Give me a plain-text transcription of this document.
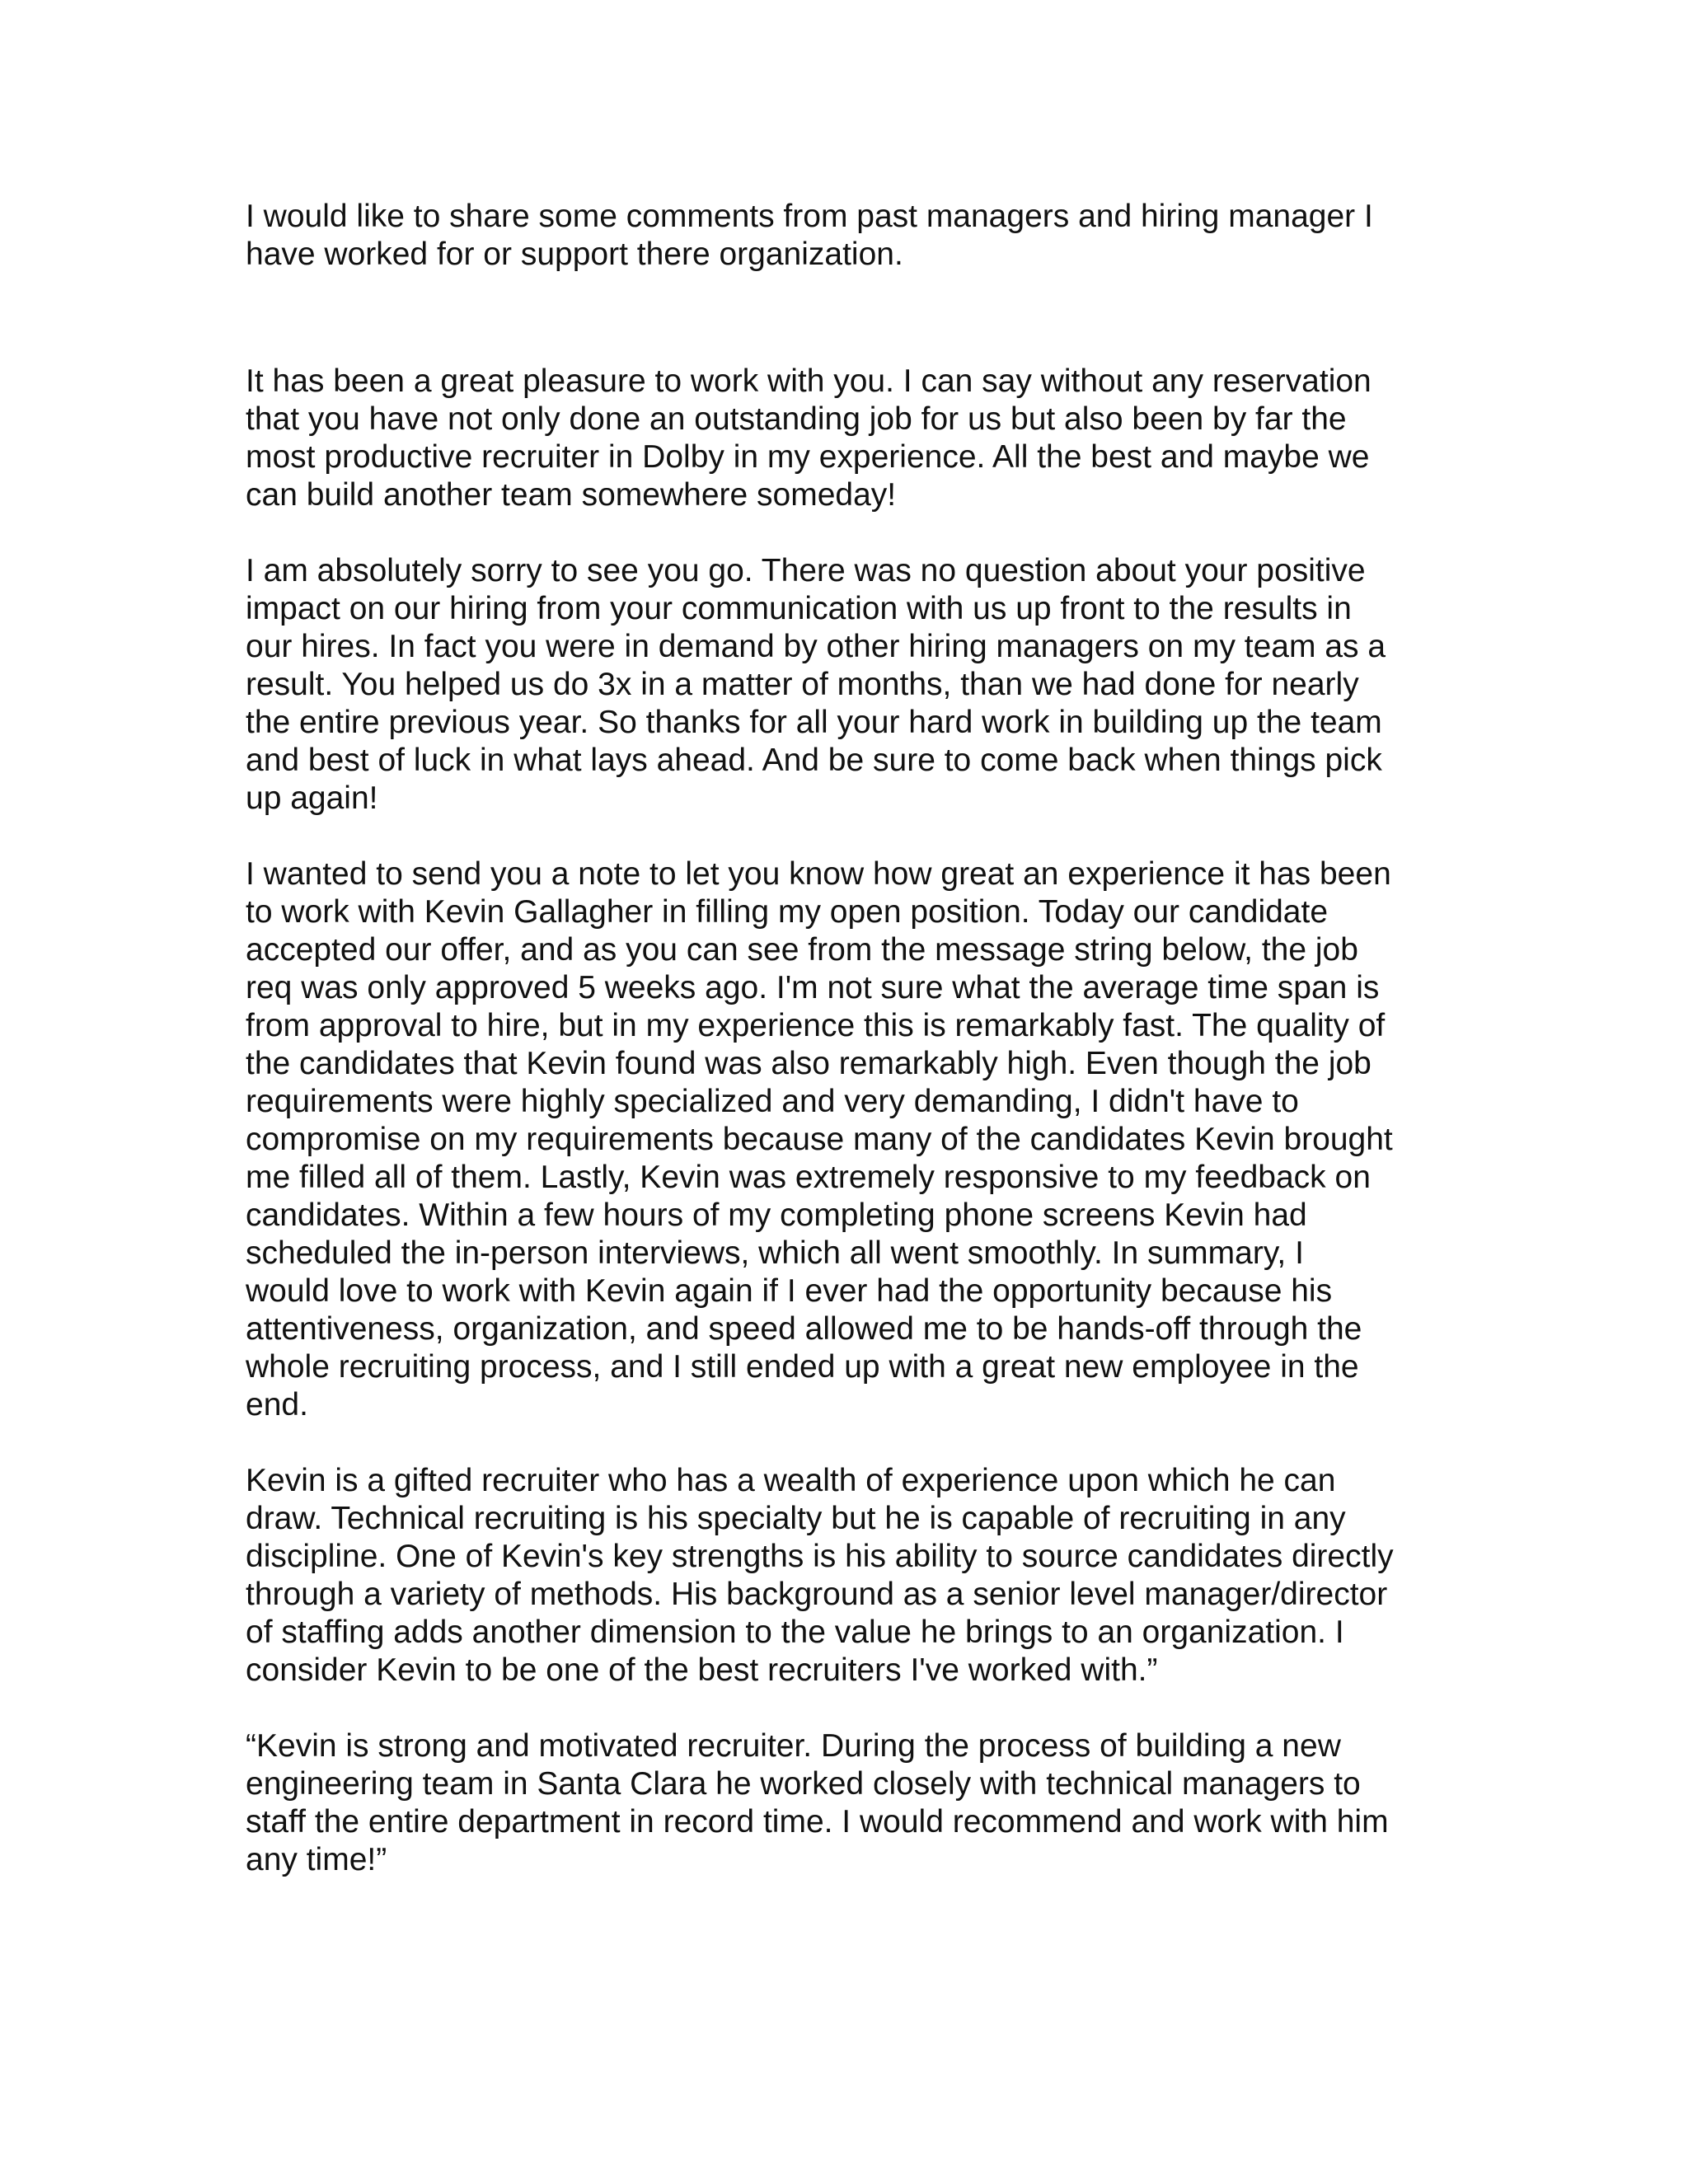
I would like to share some comments from past managers and hiring manager I
have worked for or support there organization.

It has been a great pleasure to work with you. I can say without any reservation
that you have not only done an outstanding job for us but also been by far the
most productive recruiter in Dolby in my experience. All the best and maybe we
can build another team somewhere someday!

I am absolutely sorry to see you go. There was no question about your positive
impact on our hiring from your communication with us up front to the results in
our hires. In fact you were in demand by other hiring managers on my team as a
result. You helped us do 3x in a matter of months, than we had done for nearly
the entire previous year. So thanks for all your hard work in building up the team
and best of luck in what lays ahead. And be sure to come back when things pick
up again!

I wanted to send you a note to let you know how great an experience it has been
to work with Kevin Gallagher in filling my open position. Today our candidate
accepted our offer, and as you can see from the message string below, the job
req was only approved 5 weeks ago. I'm not sure what the average time span is
from approval to hire, but in my experience this is remarkably fast. The quality of
the candidates that Kevin found was also remarkably high. Even though the job
requirements were highly specialized and very demanding, I didn't have to
compromise on my requirements because many of the candidates Kevin brought
me filled all of them. Lastly, Kevin was extremely responsive to my feedback on
candidates. Within a few hours of my completing phone screens Kevin had
scheduled the in-person interviews, which all went smoothly. In summary, I
would love to work with Kevin again if I ever had the opportunity because his
attentiveness, organization, and speed allowed me to be hands-off through the
whole recruiting process, and I still ended up with a great new employee in the
end.

Kevin is a gifted recruiter who has a wealth of experience upon which he can
draw. Technical recruiting is his specialty but he is capable of recruiting in any
discipline. One of Kevin's key strengths is his ability to source candidates directly
through a variety of methods. His background as a senior level manager/director
of staffing adds another dimension to the value he brings to an organization. I
consider Kevin to be one of the best recruiters I've worked with.”

“Kevin is strong and motivated recruiter. During the process of building a new
engineering team in Santa Clara he worked closely with technical managers to
staff the entire department in record time. I would recommend and work with him
any time!”
